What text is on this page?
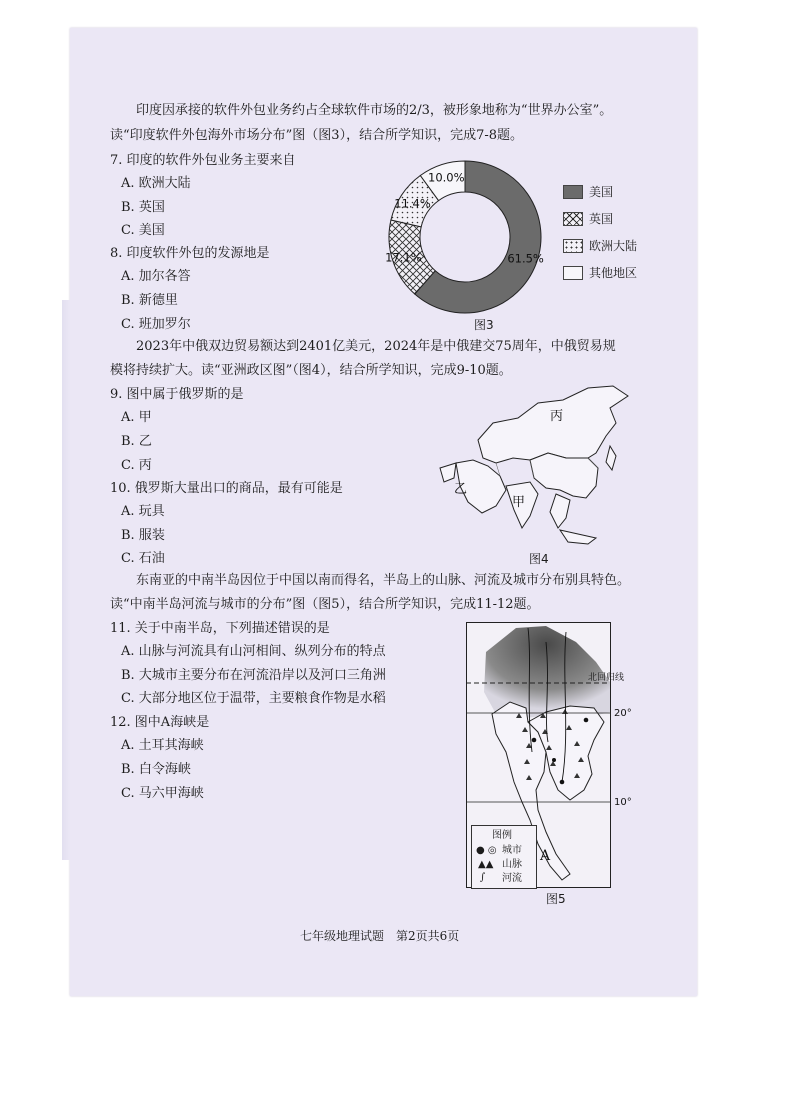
印度因承接的软件外包业务约占全球软件市场的2/3，被形象地称为“世界办公室”。
读“印度软件外包海外市场分布”图（图3），结合所学知识，完成7-8题。
7. 印度的软件外包业务主要来自
A. 欧洲大陆
B. 英国
C. 美国
8. 印度软件外包的发源地是
A. 加尔各答
B. 新德里
C. 班加罗尔
61.5%
17.1%
11.4%
10.0%
美国
英国
欧洲大陆
其他地区
图3
2023年中俄双边贸易额达到2401亿美元，2024年是中俄建交75周年，中俄贸易规
模将持续扩大。读“亚洲政区图”（图4），结合所学知识，完成9-10题。
9. 图中属于俄罗斯的是
A. 甲
B. 乙
C. 丙
10. 俄罗斯大量出口的商品，最有可能是
A. 玩具
B. 服装
C. 石油
丙
乙
甲
图4
东南亚的中南半岛因位于中国以南而得名，半岛上的山脉、河流及城市分布别具特色。
读“中南半岛河流与城市的分布”图（图5），结合所学知识，完成11-12题。
11. 关于中南半岛，下列描述错误的是
A. 山脉与河流具有山河相间、纵列分布的特点
B. 大城市主要分布在河流沿岸以及河口三角洲
C. 大部分地区位于温带，主要粮食作物是水稻
12. 图中A海峡是
A. 土耳其海峡
B. 白令海峡
C. 马六甲海峡
北回归线
20°
10°
A
图例
● ◎ 城市
▲▲ 山脉
∫ 河流
图5
七年级地理试题　第2页共6页
